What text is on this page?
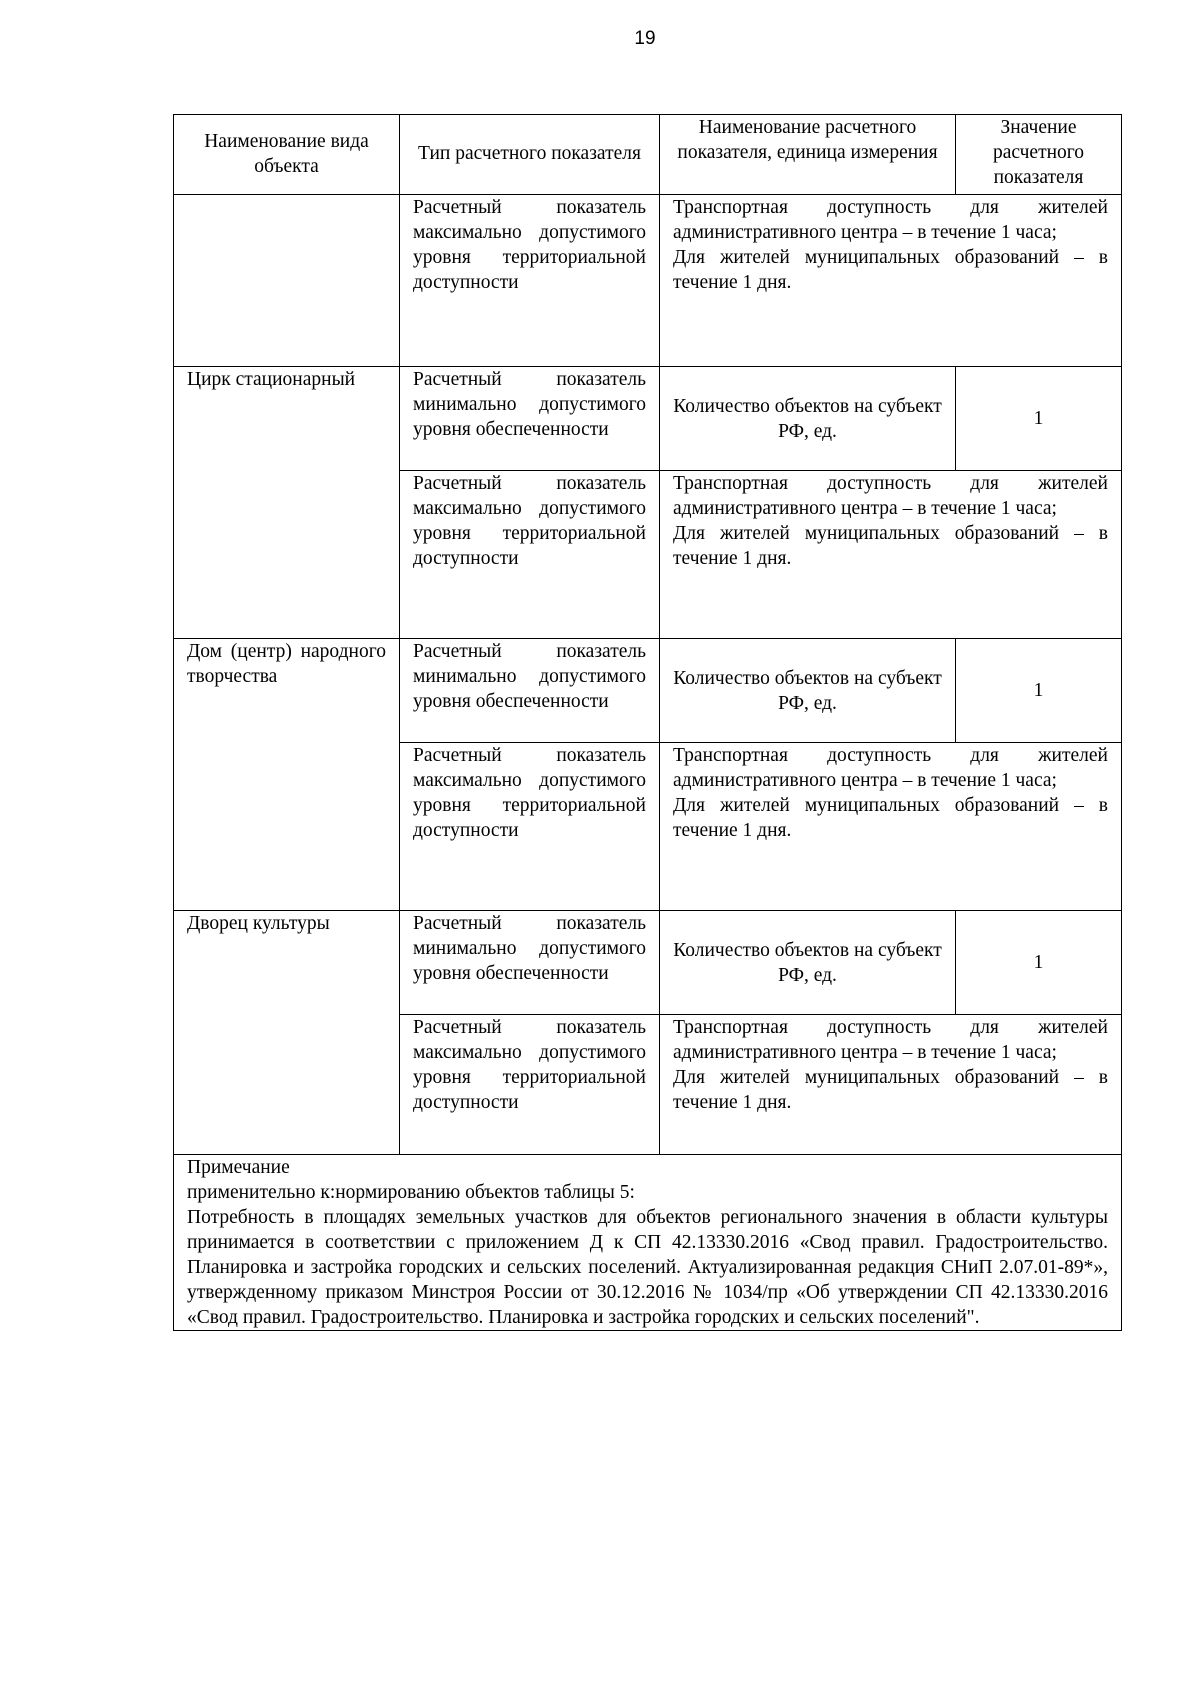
19
Наименование вида объекта	Тип расчетного показателя	Наименование расчетного показателя, единица измерения	Значение расчетного показателя
	Расчетный показатель максимально допустимого уровня территориальной доступности	Транспортная доступность для жителей административного центра – в течение 1 часа;
Для жителей муниципальных образований – в течение 1 дня.	

Цирк стационарный	Расчетный показатель минимально допустимого уровня обеспеченности	Количество объектов на субъект РФ, ед.	1
	Расчетный показатель максимально допустимого уровня территориальной доступности	Транспортная доступность для жителей административного центра – в течение 1 часа;
Для жителей муниципальных образований – в течение 1 дня.	

Дом (центр) народного творчества	Расчетный показатель минимально допустимого уровня обеспеченности	Количество объектов на субъект РФ, ед.	1
	Расчетный показатель максимально допустимого уровня территориальной доступности	Транспортная доступность для жителей административного центра – в течение 1 часа;
Для жителей муниципальных образований – в течение 1 дня.	

Дворец культуры	Расчетный показатель минимально допустимого уровня обеспеченности	Количество объектов на субъект РФ, ед.	1
	Расчетный показатель максимально допустимого уровня территориальной доступности	Транспортная доступность для жителей административного центра – в течение 1 часа;
Для жителей муниципальных образований – в течение 1 дня.	

Примечание
применительно к:нормированию объектов таблицы 5:
Потребность в площадях земельных участков для объектов регионального значения в области культуры принимается в соответствии с приложением Д к СП 42.13330.2016 «Свод правил. Градостроительство. Планировка и застройка городских и сельских поселений. Актуализированная редакция СНиП 2.07.01-89*», утвержденному приказом Минстроя России от 30.12.2016 № 1034/пр «Об утверждении СП 42.13330.2016 «Свод правил. Градостроительство. Планировка и застройка городских и сельских поселений".			
